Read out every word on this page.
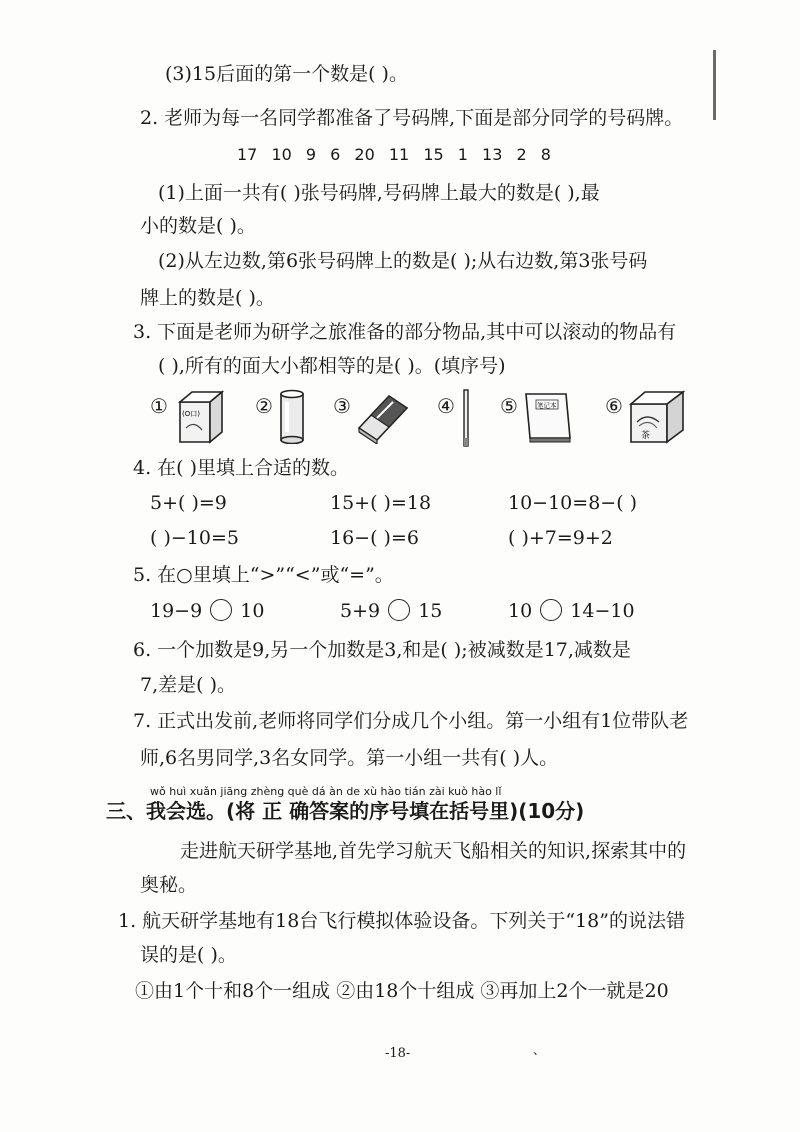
(3)15后面的第一个数是( )。
2. 老师为每一名同学都准备了号码牌,下面是部分同学的号码牌。
17 10 9 6 20 11 15 1 13 2 8
(1)上面一共有( )张号码牌,号码牌上最大的数是( ),最
小的数是( )。
(2)从左边数,第6张号码牌上的数是( );从右边数,第3张号码
牌上的数是( )。
3. 下面是老师为研学之旅准备的部分物品,其中可以滚动的物品有
( ),所有的面大小都相等的是( )。(填序号)
① (O口)	②	③	④ ⑤	笔记本 ⑥
茶
4. 在( )里填上合适的数。
5+( )=9	15+( )=18	10−10=8−( )
( )−10=5	16−( )=6	( )+7=9+2
5. 在○里填上“>”“<”或“=”。
19−9 10	5+9 15	10 14−10
6. 一个加数是9,另一个加数是3,和是( );被减数是17,减数是
7,差是( )。
7. 正式出发前,老师将同学们分成几个小组。第一小组有1位带队老
师,6名男同学,3名女同学。第一小组一共有( )人。
wǒ huì xuǎn jiāng zhèng què dá àn de xù hào tián zài kuò hào lǐ
三、我会选。(将 正 确答案的序号填在括号里)(10分)
走进航天研学基地,首先学习航天飞船相关的知识,探索其中的
奥秘。
1. 航天研学基地有18台飞行模拟体验设备。下列关于“18”的说法错
误的是( )。
①由1个十和8个一组成 ②由18个十组成 ③再加上2个一就是20
-18-	、
